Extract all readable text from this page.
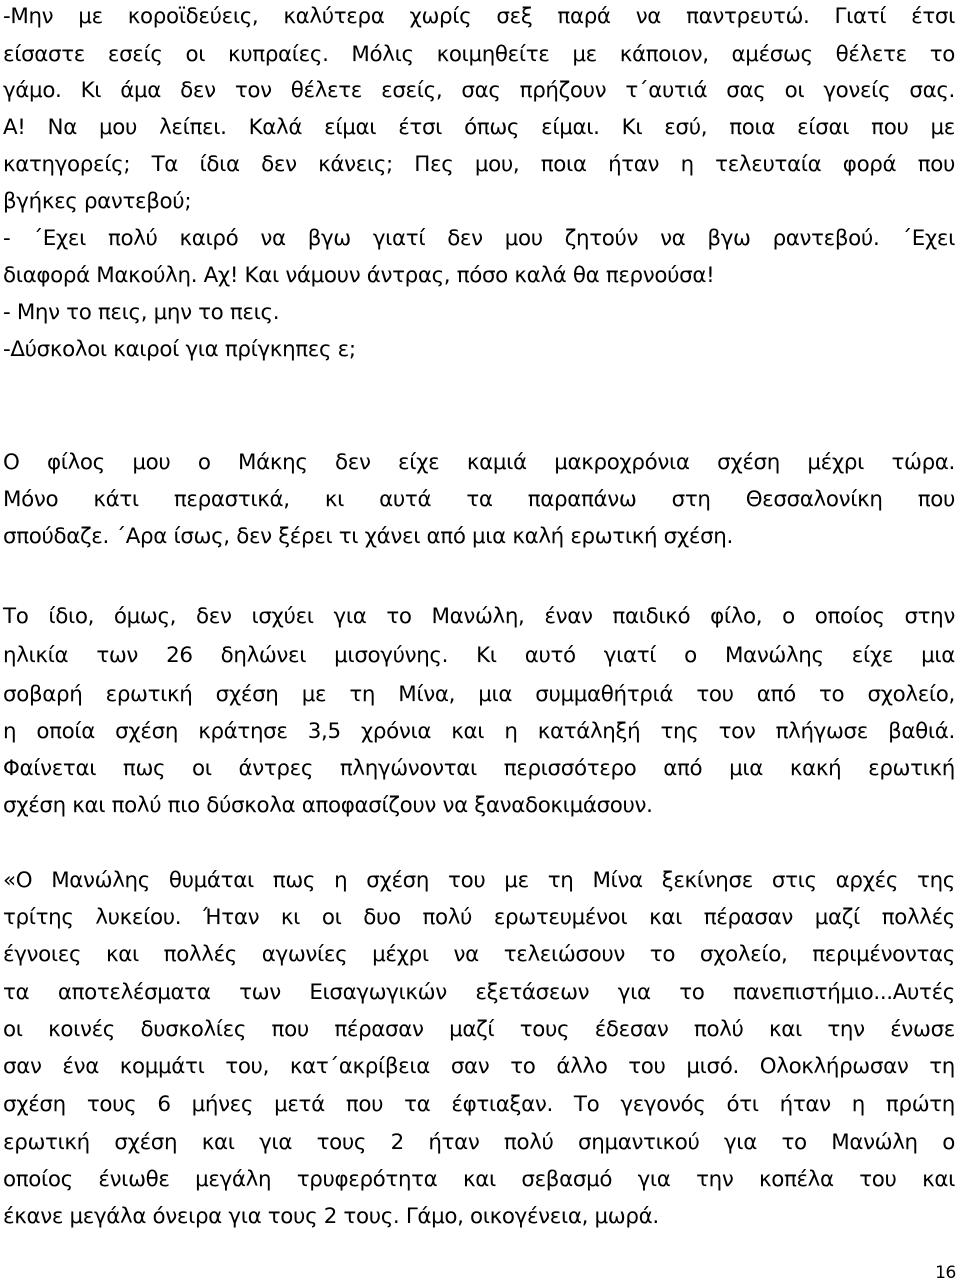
-Μην με κοροϊδεύεις, καλύτερα χωρίς σεξ παρά να παντρευτώ. Γιατί έτσι
είσαστε εσείς οι κυπραίες. Μόλις κοιμηθείτε με κάποιον, αμέσως θέλετε το
γάμο. Κι άμα δεν τον θέλετε εσείς, σας πρήζουν τ΄αυτιά σας οι γονείς σας.
Α! Να μου λείπει. Καλά είμαι έτσι όπως είμαι. Κι εσύ, ποια είσαι που με
κατηγορείς; Τα ίδια δεν κάνεις; Πες μου, ποια ήταν η τελευταία φορά που
βγήκες ραντεβού;
- ΄Εχει πολύ καιρό να βγω γιατί δεν μου ζητούν να βγω ραντεβού. ΄Εχει
διαφορά Μακούλη. Αχ! Και νάμουν άντρας, πόσο καλά θα περνούσα!
- Μην το πεις, μην το πεις.
-Δύσκολοι καιροί για πρίγκηπες ε;
Ο φίλος μου ο Μάκης δεν είχε καμιά μακροχρόνια σχέση μέχρι τώρα.
Μόνο κάτι περαστικά, κι αυτά τα παραπάνω στη Θεσσαλονίκη που
σπούδαζε. ΄Αρα ίσως, δεν ξέρει τι χάνει από μια καλή ερωτική σχέση.
Το ίδιο, όμως, δεν ισχύει για το Μανώλη, έναν παιδικό φίλο, ο οποίος στην
ηλικία των 26 δηλώνει μισογύνης. Κι αυτό γιατί ο Μανώλης είχε μια
σοβαρή ερωτική σχέση με τη Μίνα, μια συμμαθήτριά του από το σχολείο,
η οποία σχέση κράτησε 3,5 χρόνια και η κατάληξή της τον πλήγωσε βαθιά.
Φαίνεται πως οι άντρες πληγώνονται περισσότερο από μια κακή ερωτική
σχέση και πολύ πιο δύσκολα αποφασίζουν να ξαναδοκιμάσουν.
«Ο Μανώλης θυμάται πως η σχέση του με τη Μίνα ξεκίνησε στις αρχές της
τρίτης λυκείου. Ήταν κι οι δυο πολύ ερωτευμένοι και πέρασαν μαζί πολλές
έγνοιες και πολλές αγωνίες μέχρι να τελειώσουν το σχολείο, περιμένοντας
τα αποτελέσματα των Εισαγωγικών εξετάσεων για το πανεπιστήμιο...Αυτές
οι κοινές δυσκολίες που πέρασαν μαζί τους έδεσαν πολύ και την ένωσε
σαν ένα κομμάτι του, κατ΄ακρίβεια σαν το άλλο του μισό. Ολοκλήρωσαν τη
σχέση τους 6 μήνες μετά που τα έφτιαξαν. Το γεγονός ότι ήταν η πρώτη
ερωτική σχέση και για τους 2 ήταν πολύ σημαντικού για το Μανώλη ο
οποίος ένιωθε μεγάλη τρυφερότητα και σεβασμό για την κοπέλα του και
έκανε μεγάλα όνειρα για τους 2 τους. Γάμο, οικογένεια, μωρά.
16
